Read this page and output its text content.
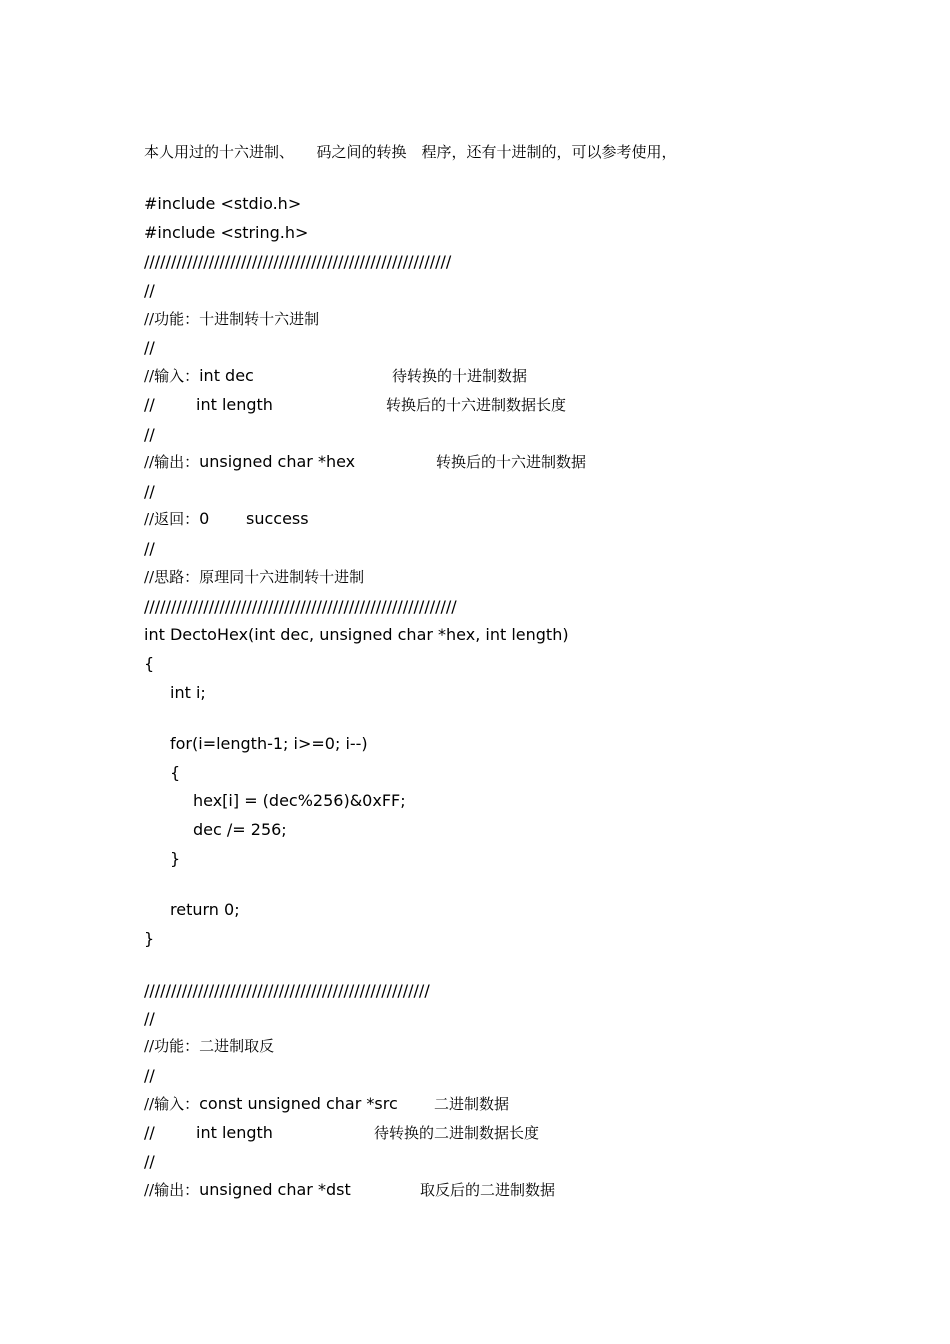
本人用过的十六进制、　　码之间的转换　程序，还有十进制的，可以参考使用，
#include <stdio.h>
#include <string.h>
/////////////////////////////////////////////////////////
//
//功能：十进制转十六进制
//
//输入：int dec	待转换的十进制数据
//	int length	转换后的十六进制数据长度
//
//输出：unsigned char *hex	转换后的十六进制数据
//
//返回：0 success
//
//思路：原理同十六进制转十进制
//////////////////////////////////////////////////////////
int DectoHex(int dec, unsigned char *hex, int length)
{
int i;
for(i=length-1; i>=0; i--)
{
hex[i] = (dec%256)&0xFF;
dec /= 256;
}
return 0;
}
/////////////////////////////////////////////////////
//
//功能：二进制取反
//
//输入：const unsigned char *src 二进制数据
//	int length	待转换的二进制数据长度
//
//输出：unsigned char *dst	取反后的二进制数据
